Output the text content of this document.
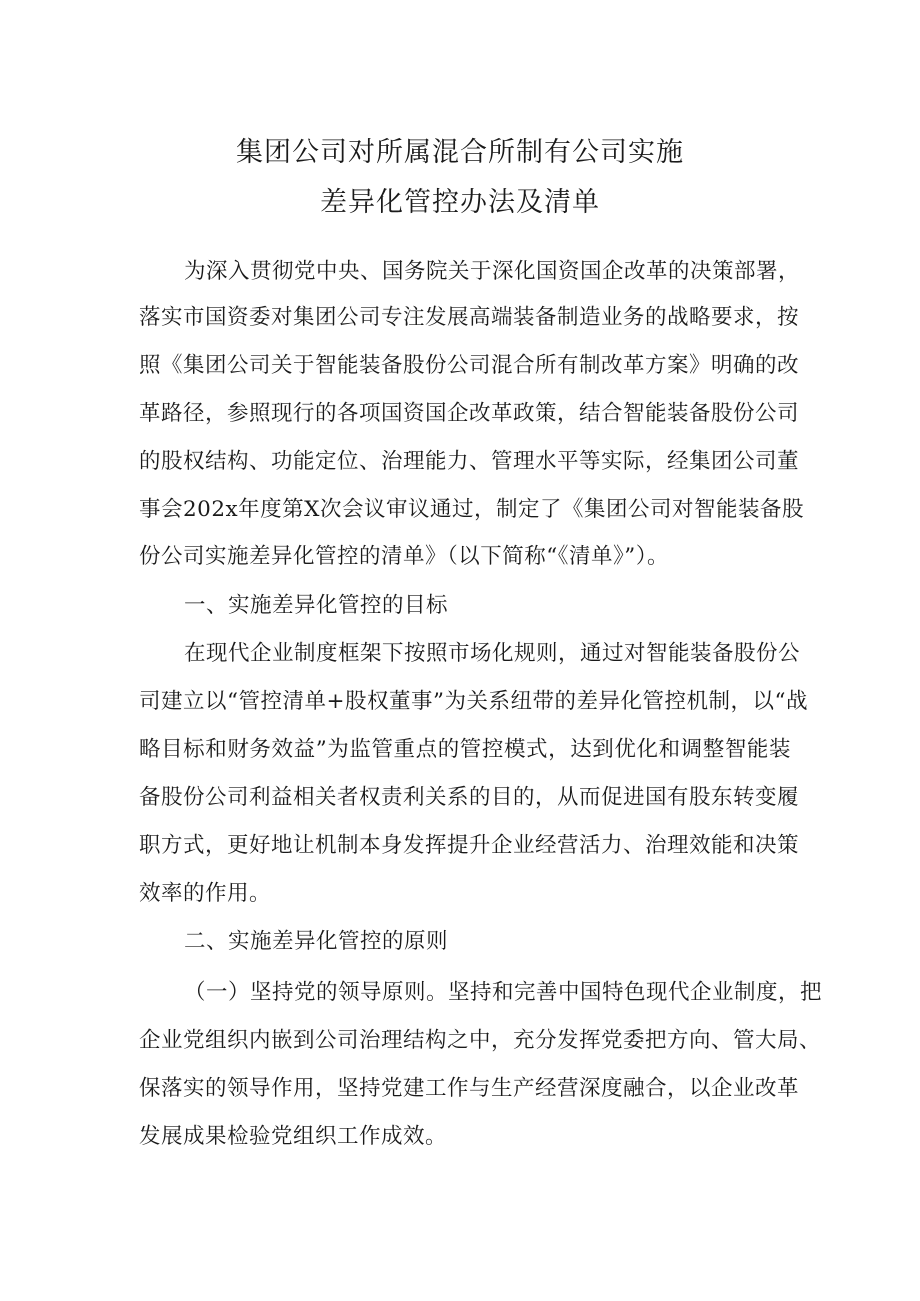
集团公司对所属混合所制有公司实施
差异化管控办法及清单
为深入贯彻党中央、国务院关于深化国资国企改革的决策部署，
落实市国资委对集团公司专注发展高端装备制造业务的战略要求，按
照《集团公司关于智能装备股份公司混合所有制改革方案》明确的改
革路径，参照现行的各项国资国企改革政策，结合智能装备股份公司
的股权结构、功能定位、治理能力、管理水平等实际，经集团公司董
事会202x年度第X次会议审议通过，制定了《集团公司对智能装备股
份公司实施差异化管控的清单》（以下简称“《清单》”）。
一、实施差异化管控的目标
在现代企业制度框架下按照市场化规则，通过对智能装备股份公
司建立以“管控清单+股权董事”为关系纽带的差异化管控机制，以“战
略目标和财务效益”为监管重点的管控模式，达到优化和调整智能装
备股份公司利益相关者权责利关系的目的，从而促进国有股东转变履
职方式，更好地让机制本身发挥提升企业经营活力、治理效能和决策
效率的作用。
二、实施差异化管控的原则
（一）坚持党的领导原则。坚持和完善中国特色现代企业制度，把
企业党组织内嵌到公司治理结构之中，充分发挥党委把方向、管大局、
保落实的领导作用，坚持党建工作与生产经营深度融合，以企业改革
发展成果检验党组织工作成效。
